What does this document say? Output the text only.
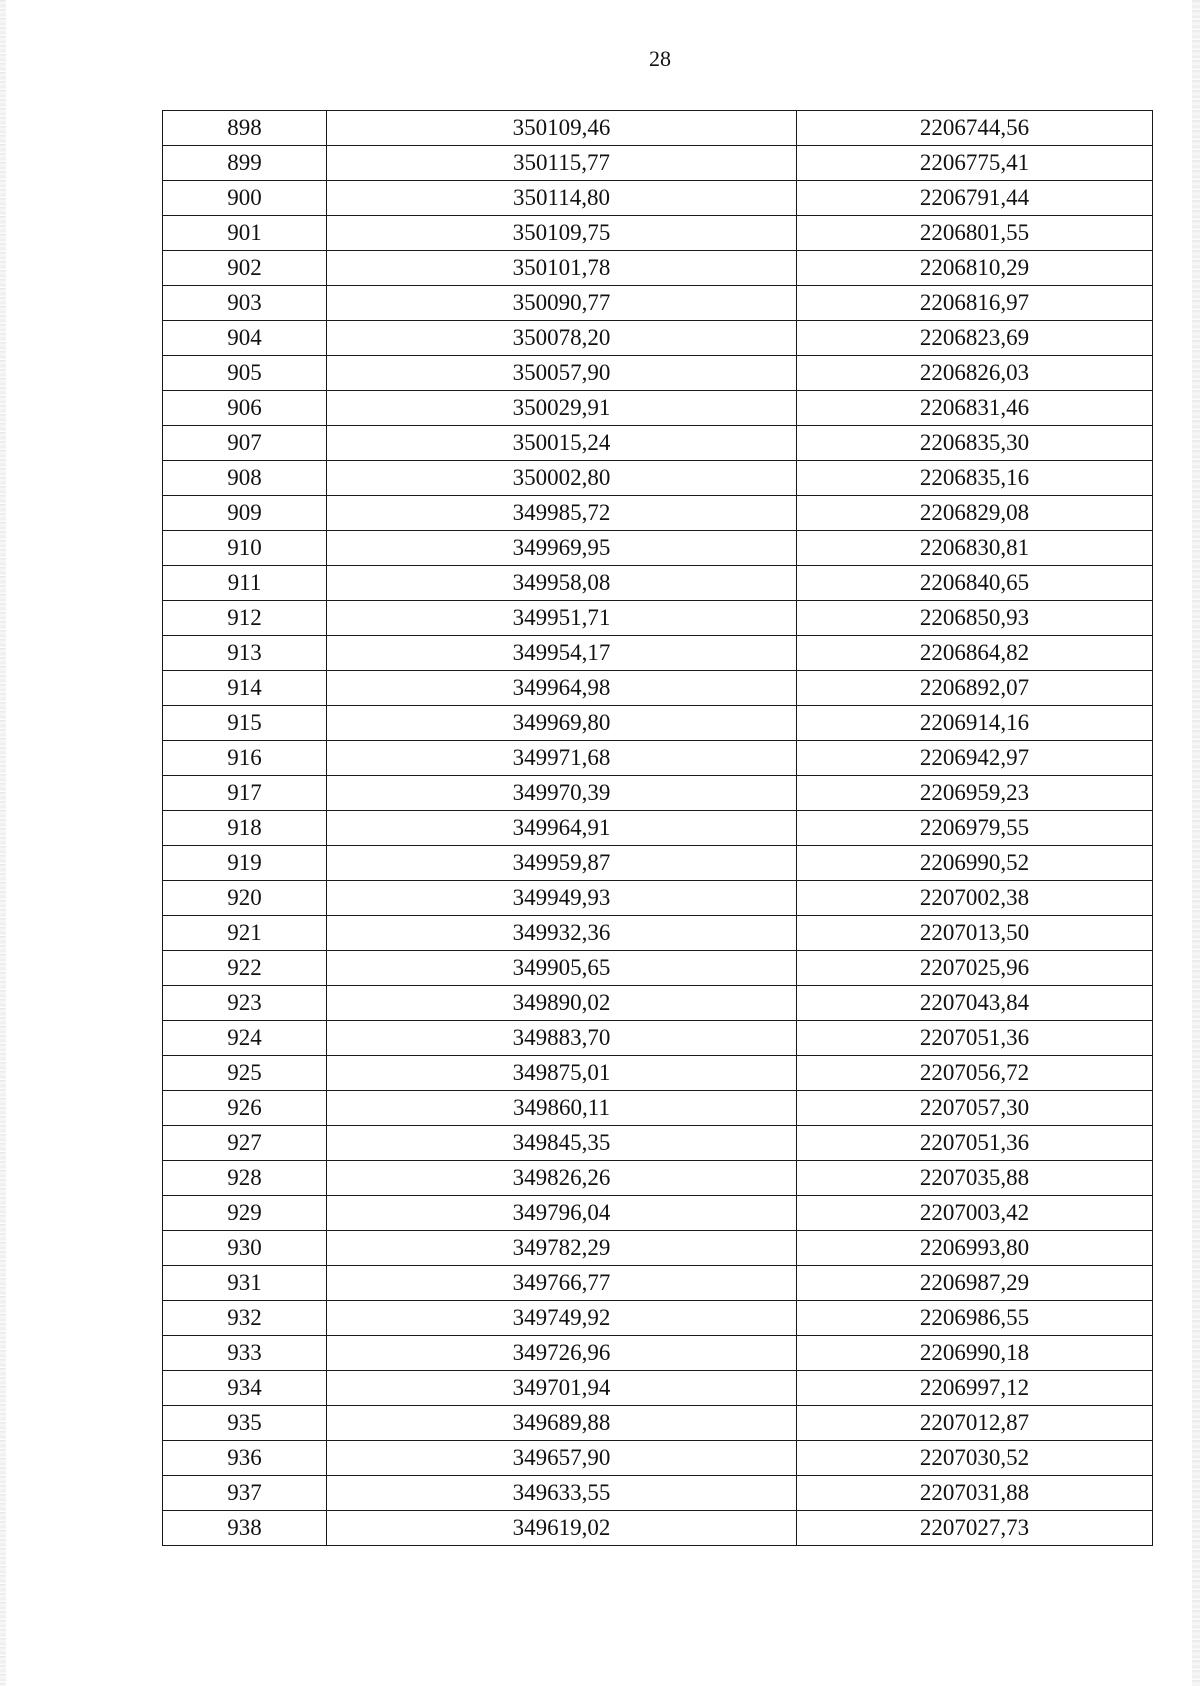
28
898	350109,46	2206744,56
899	350115,77	2206775,41
900	350114,80	2206791,44
901	350109,75	2206801,55
902	350101,78	2206810,29
903	350090,77	2206816,97
904	350078,20	2206823,69
905	350057,90	2206826,03
906	350029,91	2206831,46
907	350015,24	2206835,30
908	350002,80	2206835,16
909	349985,72	2206829,08
910	349969,95	2206830,81
911	349958,08	2206840,65
912	349951,71	2206850,93
913	349954,17	2206864,82
914	349964,98	2206892,07
915	349969,80	2206914,16
916	349971,68	2206942,97
917	349970,39	2206959,23
918	349964,91	2206979,55
919	349959,87	2206990,52
920	349949,93	2207002,38
921	349932,36	2207013,50
922	349905,65	2207025,96
923	349890,02	2207043,84
924	349883,70	2207051,36
925	349875,01	2207056,72
926	349860,11	2207057,30
927	349845,35	2207051,36
928	349826,26	2207035,88
929	349796,04	2207003,42
930	349782,29	2206993,80
931	349766,77	2206987,29
932	349749,92	2206986,55
933	349726,96	2206990,18
934	349701,94	2206997,12
935	349689,88	2207012,87
936	349657,90	2207030,52
937	349633,55	2207031,88
938	349619,02	2207027,73
